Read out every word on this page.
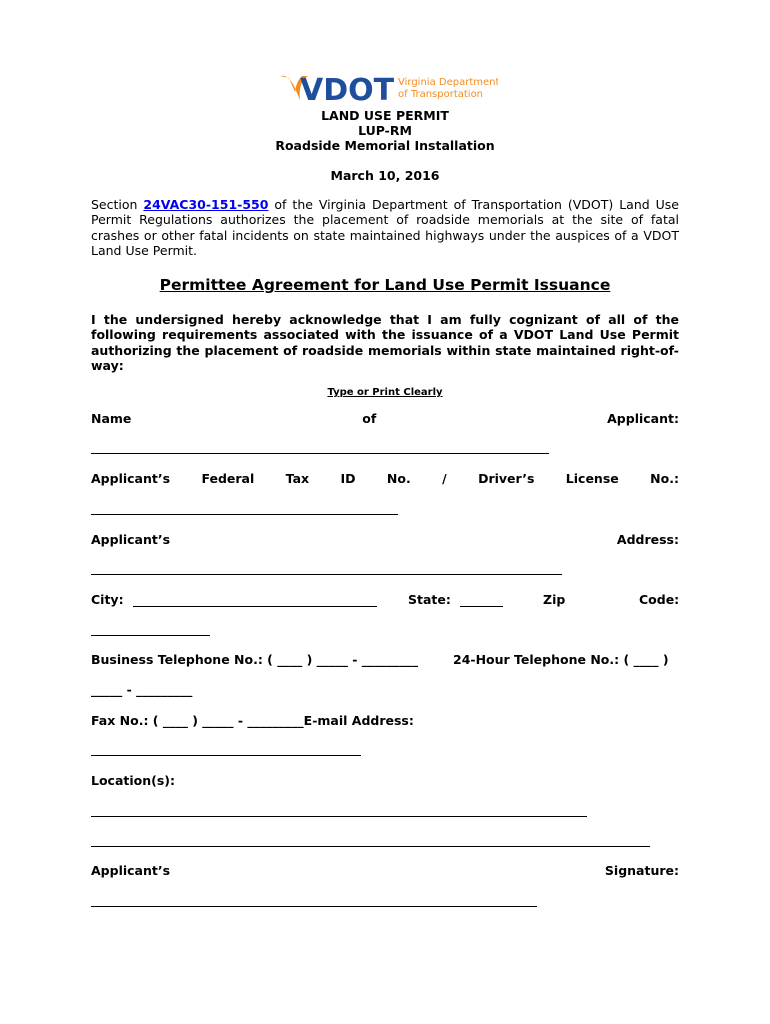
VDOT Virginia Department
of Transportation
LAND USE PERMIT
LUP-RM
Roadside Memorial Installation
March 10, 2016
Section 24VAC30-151-550 of the Virginia Department of Transportation (VDOT) Land Use Permit Regulations authorizes the placement of roadside memorials at the site of fatal crashes or other fatal incidents on state maintained highways under the auspices of a VDOT Land Use Permit.
Permittee Agreement for Land Use Permit Issuance
I the undersigned hereby acknowledge that I am fully cognizant of all of the following requirements associated with the issuance of a VDOT Land Use Permit authorizing the placement of roadside memorials within state maintained right-of-way:
Type or Print Clearly
Name	of	Applicant:
Applicant’s	Federal	Tax	ID	No.	/	Driver’s	License	No.:
Applicant’s	Address:
City:	State:	Zip	Code:
Business Telephone No.: ( ____ ) _____ - _________	24-Hour Telephone No.: ( ____ )
_____ - _________
Fax No.: ( ____ ) _____ - _________E-mail Address:
Location(s):
Applicant’s	Signature:
